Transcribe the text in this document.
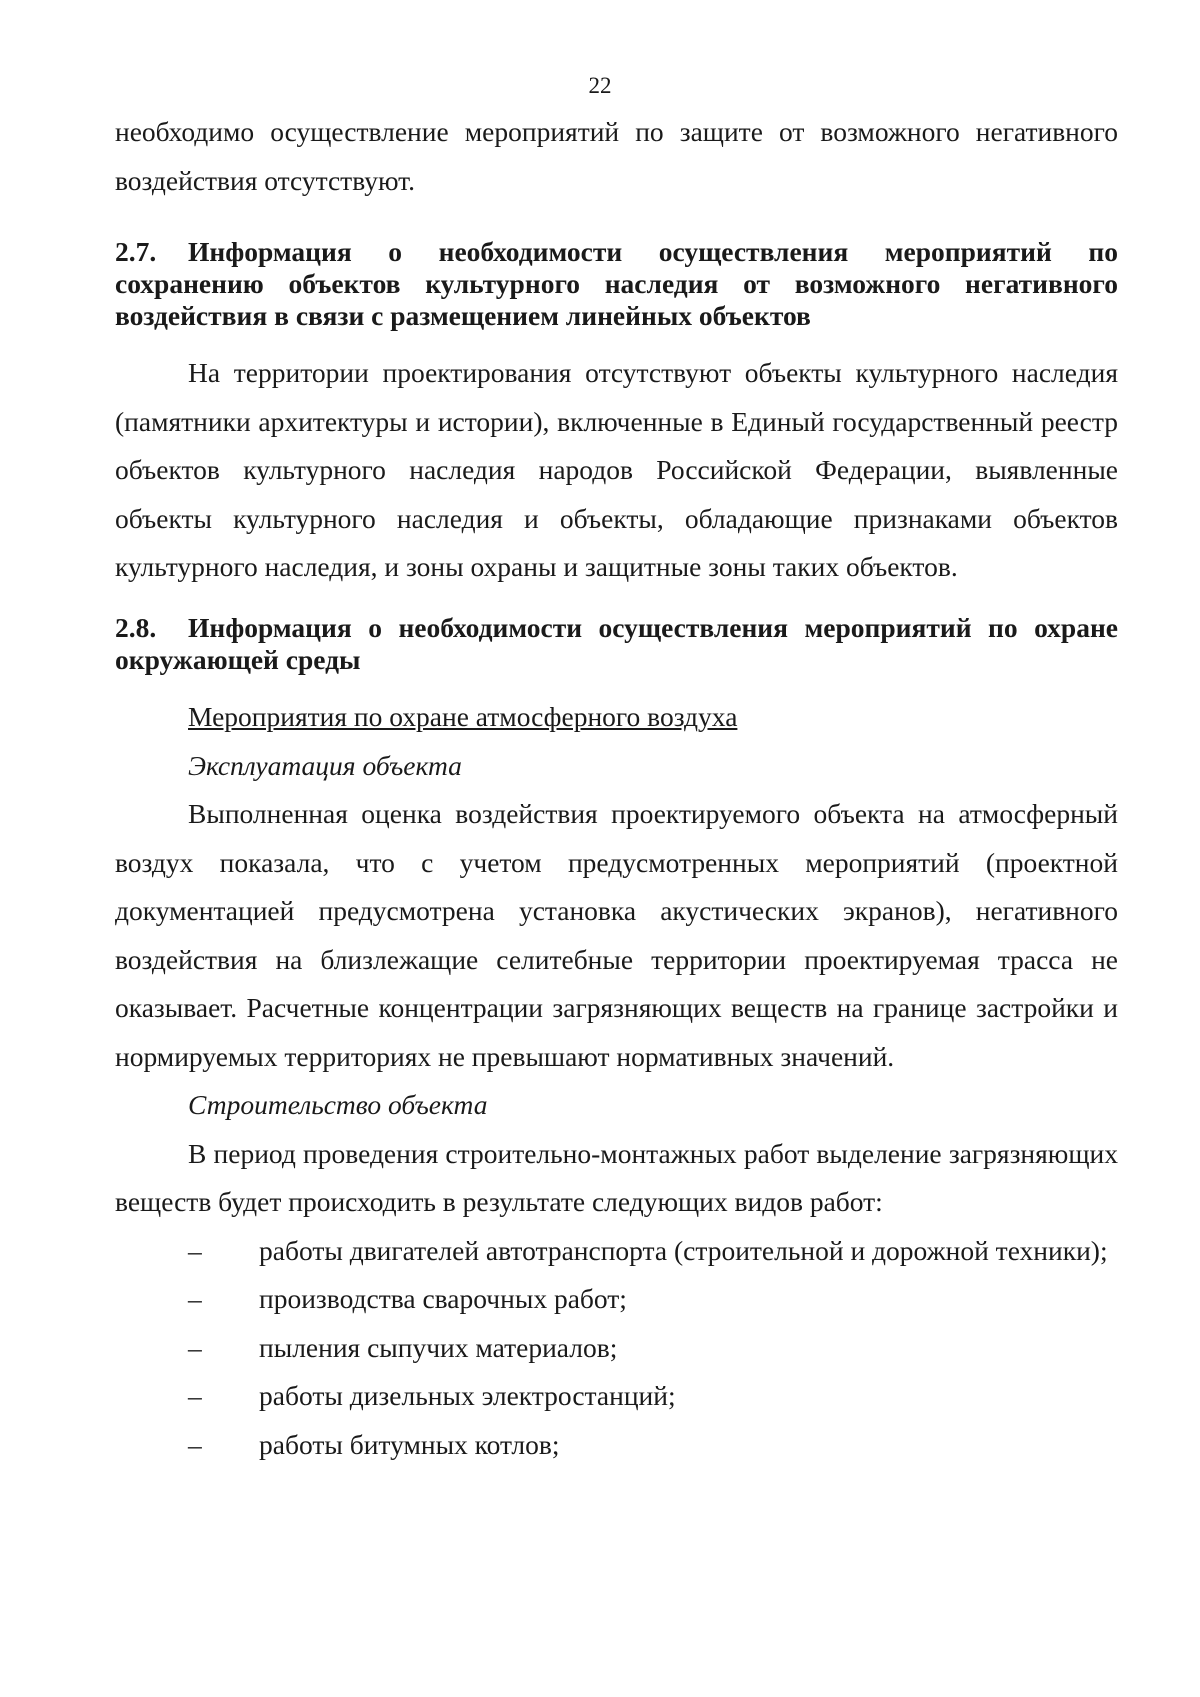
22

необходимо осуществление мероприятий по защите от возможного негативного воздействия отсутствуют.

2.7. Информация о необходимости осуществления мероприятий по сохранению объектов культурного наследия от возможного негативного воздействия в связи с размещением линейных объектов

На территории проектирования отсутствуют объекты культурного наследия (памятники архитектуры и истории), включенные в Единый государственный реестр объектов культурного наследия народов Российской Федерации, выявленные объекты культурного наследия и объекты, обладающие признаками объектов культурного наследия, и зоны охраны и защитные зоны таких объектов.

2.8. Информация о необходимости осуществления мероприятий по охране окружающей среды

Мероприятия по охране атмосферного воздуха

Эксплуатация объекта

Выполненная оценка воздействия проектируемого объекта на атмосферный воздух показала, что с учетом предусмотренных мероприятий (проектной документацией предусмотрена установка акустических экранов), негативного воздействия на близлежащие селитебные территории проектируемая трасса не оказывает. Расчетные концентрации загрязняющих веществ на границе застройки и нормируемых территориях не превышают нормативных значений.

Строительство объекта

В период проведения строительно-монтажных работ выделение загрязняющих веществ будет происходить в результате следующих видов работ:

–	работы двигателей автотранспорта (строительной и дорожной техники);

–	производства сварочных работ;

–	пыления сыпучих материалов;

–	работы дизельных электростанций;

–	работы битумных котлов;
